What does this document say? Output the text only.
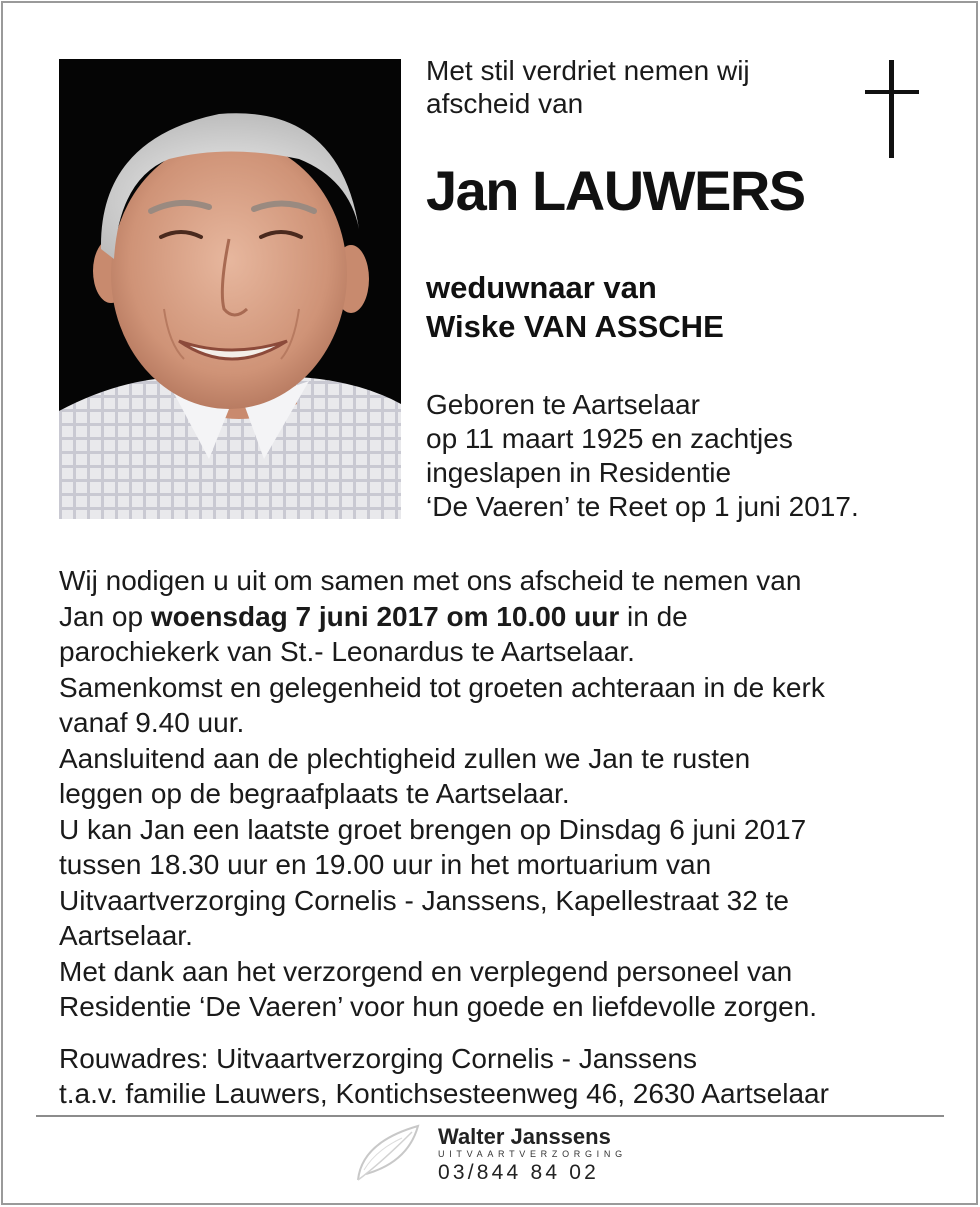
Met stil verdriet nemen wij
afscheid van
Jan LAUWERS
weduwnaar van
Wiske VAN ASSCHE
Geboren te Aartselaar
op 11 maart 1925 en zachtjes
ingeslapen in Residentie
‘De Vaeren’ te Reet op 1 juni 2017.
Wij nodigen u uit om samen met ons afscheid te nemen van
Jan op woensdag 7 juni 2017 om 10.00 uur in de
parochiekerk van St.- Leonardus te Aartselaar.
Samenkomst en gelegenheid tot groeten achteraan in de kerk
vanaf 9.40 uur.
Aansluitend aan de plechtigheid zullen we Jan te rusten
leggen op de begraafplaats te Aartselaar.
U kan Jan een laatste groet brengen op Dinsdag 6 juni 2017
tussen 18.30 uur en 19.00 uur in het mortuarium van
Uitvaartverzorging Cornelis - Janssens, Kapellestraat 32 te
Aartselaar.
Met dank aan het verzorgend en verplegend personeel van
Residentie ‘De Vaeren’ voor hun goede en liefdevolle zorgen.
Rouwadres: Uitvaartverzorging Cornelis - Janssens
t.a.v. familie Lauwers, Kontichsesteenweg 46, 2630 Aartselaar
Walter Janssens
UITVAARTVERZORGING
03/844 84 02
